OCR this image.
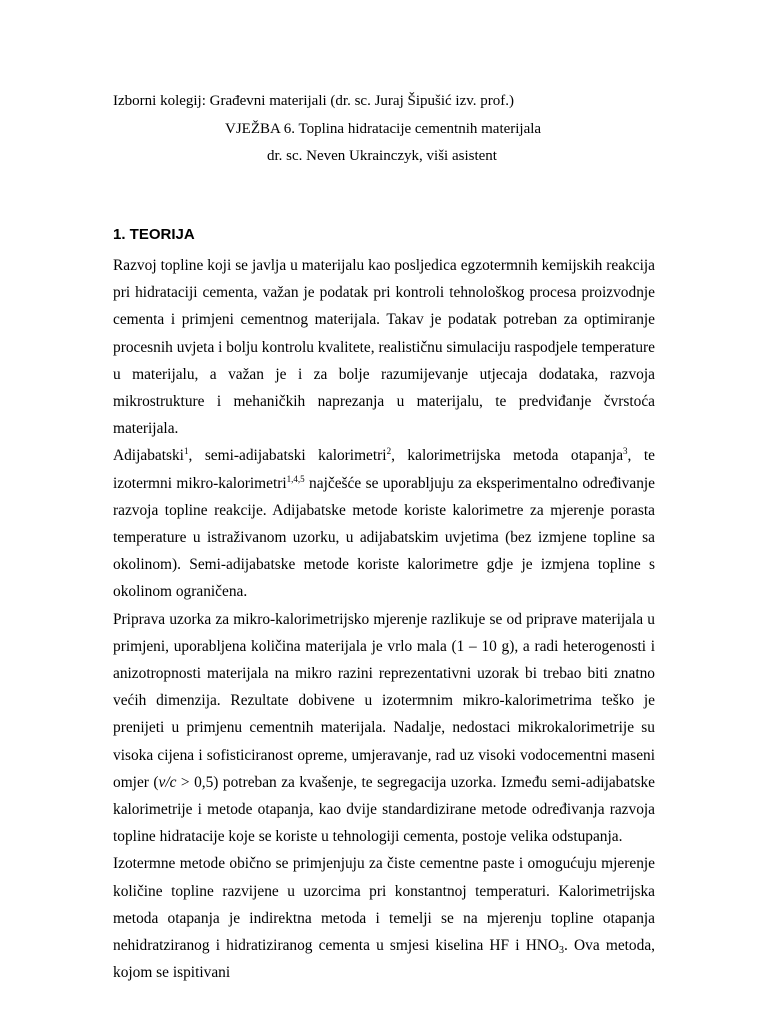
Izborni kolegij: Građevni materijali (dr. sc. Juraj Šipušić izv. prof.)
VJEŽBA 6. Toplina hidratacije cementnih materijala
dr. sc. Neven Ukrainczyk, viši asistent
1. TEORIJA

Razvoj topline koji se javlja u materijalu kao posljedica egzotermnih kemijskih reakcija pri hidrataciji cementa, važan je podatak pri kontroli tehnološkog procesa proizvodnje cementa i primjeni cementnog materijala. Takav je podatak potreban za optimiranje procesnih uvjeta i bolju kontrolu kvalitete, realističnu simulaciju raspodjele temperature u materijalu, a važan je i za bolje razumijevanje utjecaja dodataka, razvoja mikrostrukture i mehaničkih naprezanja u materijalu, te predviđanje čvrstoća materijala.

Adijabatski$^1$, semi-adijabatski kalorimetri$^2$, kalorimetrijska metoda otapanja$^3$, te izotermni mikro-kalorimetri$^{1,4,5}$ najčešće se uporabljuju za eksperimentalno određivanje razvoja topline reakcije. Adijabatske metode koriste kalorimetre za mjerenje porasta temperature u istraživanom uzorku, u adijabatskim uvjetima (bez izmjene topline sa okolinom). Semi-adijabatske metode koriste kalorimetre gdje je izmjena topline s okolinom ograničena.

Priprava uzorka za mikro-kalorimetrijsko mjerenje razlikuje se od priprave materijala u primjeni, uporabljena količina materijala je vrlo mala (1 – 10 g), a radi heterogenosti i anizotropnosti materijala na mikro razini reprezentativni uzorak bi trebao biti znatno većih dimenzija. Rezultate dobivene u izotermnim mikro-kalorimetrima teško je prenijeti u primjenu cementnih materijala. Nadalje, nedostaci mikrokalorimetrije su visoka cijena i sofisticiranost opreme, umjeravanje, rad uz visoki vodocementni maseni omjer (v/c > 0,5) potreban za kvašenje, te segregacija uzorka. Između semi-adijabatske kalorimetrije i metode otapanja, kao dvije standardizirane metode određivanja razvoja topline hidratacije koje se koriste u tehnologiji cementa, postoje velika odstupanja.

Izotermne metode obično se primjenjuju za čiste cementne paste i omogućuju mjerenje količine topline razvijene u uzorcima pri konstantnoj temperaturi. Kalorimetrijska metoda otapanja je indirektna metoda i temelji se na mjerenju topline otapanja nehidratziranog i hidratiziranog cementa u smjesi kiselina HF i $HNO_3$. Ova metoda, kojom se ispitivani
